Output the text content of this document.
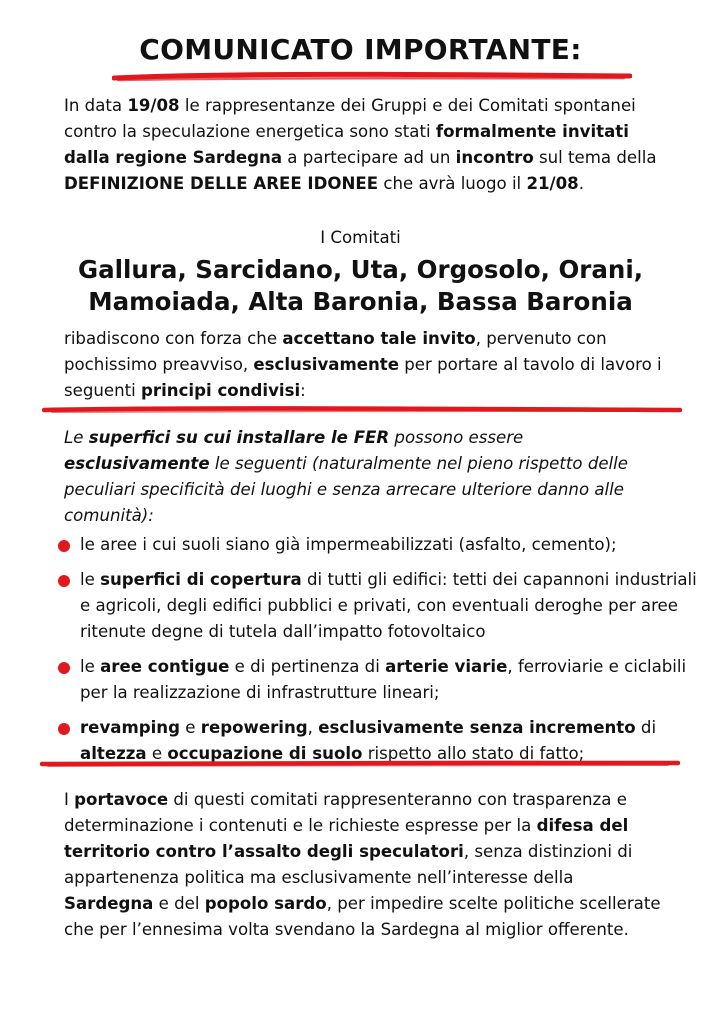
COMUNICATO IMPORTANTE:

In data 19/08 le rappresentanze dei Gruppi e dei Comitati spontanei contro la speculazione energetica sono stati formalmente invitati dalla regione Sardegna a partecipare ad un incontro sul tema della DEFINIZIONE DELLE AREE IDONEE che avrà luogo il 21/08.

I Comitati

Gallura, Sarcidano, Uta, Orgosolo, Orani,
Mamoiada, Alta Baronia, Bassa Baronia

ribadiscono con forza che accettano tale invito, pervenuto con pochissimo preavviso, esclusivamente per portare al tavolo di lavoro i seguenti principi condivisi:

Le superfici su cui installare le FER possono essere esclusivamente le seguenti (naturalmente nel pieno rispetto delle peculiari specificità dei luoghi e senza arrecare ulteriore danno alle comunità):

le aree i cui suoli siano già impermeabilizzati (asfalto, cemento);
le superfici di copertura di tutti gli edifici: tetti dei capannoni industriali e agricoli, degli edifici pubblici e privati, con eventuali deroghe per aree ritenute degne di tutela dall’impatto fotovoltaico
le aree contigue e di pertinenza di arterie viarie, ferroviarie e ciclabili per la realizzazione di infrastrutture lineari;
revamping e repowering, esclusivamente senza incremento di altezza e occupazione di suolo rispetto allo stato di fatto;

I portavoce di questi comitati rappresenteranno con trasparenza e determinazione i contenuti e le richieste espresse per la difesa del territorio contro l’assalto degli speculatori, senza distinzioni di appartenenza politica ma esclusivamente nell’interesse della Sardegna e del popolo sardo, per impedire scelte politiche scellerate che per l’ennesima volta svendano la Sardegna al miglior offerente.
